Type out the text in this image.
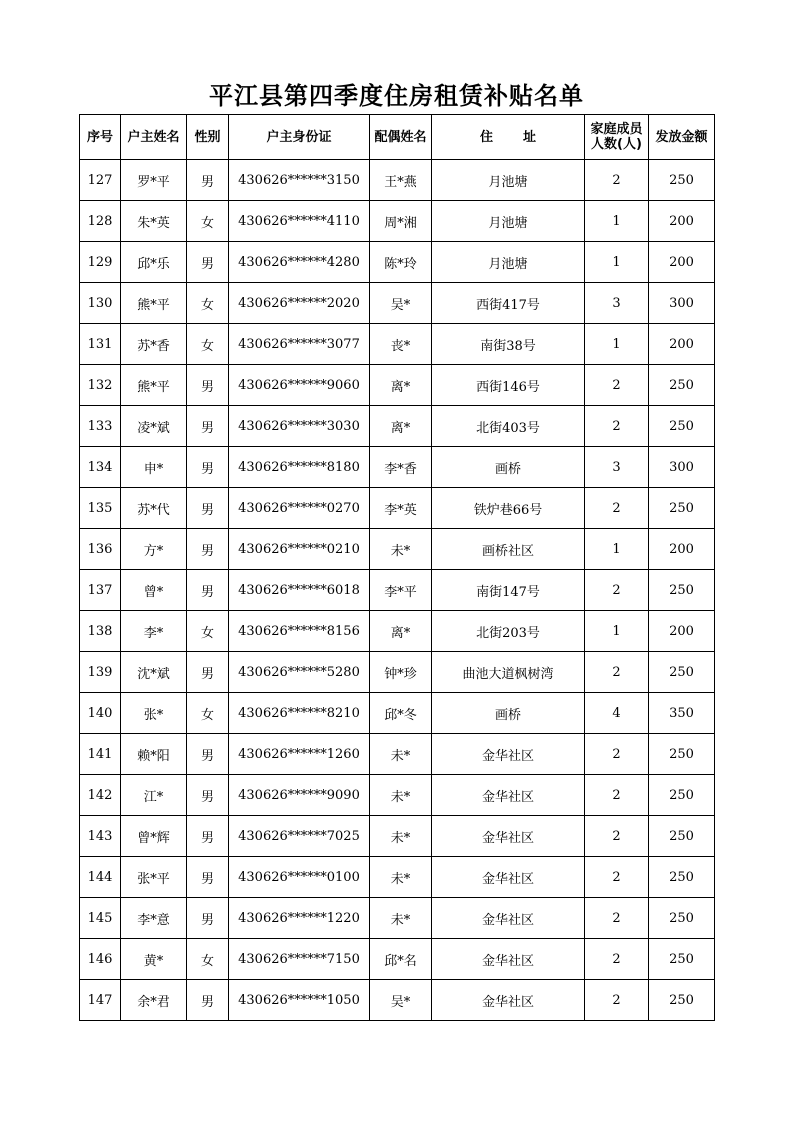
平江县第四季度住房租赁补贴名单
序号	户主姓名	性别	户主身份证	配偶姓名	住址	家庭成员人数(人)	发放金额
127	罗*平	男	430626******3150	王*燕	月池塘	2	250
128	朱*英	女	430626******4110	周*湘	月池塘	1	200
129	邱*乐	男	430626******4280	陈*玲	月池塘	1	200
130	熊*平	女	430626******2020	吴*	西街417号	3	300
131	苏*香	女	430626******3077	丧*	南街38号	1	200
132	熊*平	男	430626******9060	离*	西街146号	2	250
133	凌*斌	男	430626******3030	离*	北街403号	2	250
134	申*	男	430626******8180	李*香	画桥	3	300
135	苏*代	男	430626******0270	李*英	铁炉巷66号	2	250
136	方*	男	430626******0210	未*	画桥社区	1	200
137	曾*	男	430626******6018	李*平	南街147号	2	250
138	李*	女	430626******8156	离*	北街203号	1	200
139	沈*斌	男	430626******5280	钟*珍	曲池大道枫树湾	2	250
140	张*	女	430626******8210	邱*冬	画桥	4	350
141	赖*阳	男	430626******1260	未*	金华社区	2	250
142	江*	男	430626******9090	未*	金华社区	2	250
143	曾*辉	男	430626******7025	未*	金华社区	2	250
144	张*平	男	430626******0100	未*	金华社区	2	250
145	李*意	男	430626******1220	未*	金华社区	2	250
146	黄*	女	430626******7150	邱*名	金华社区	2	250
147	余*君	男	430626******1050	吴*	金华社区	2	250
